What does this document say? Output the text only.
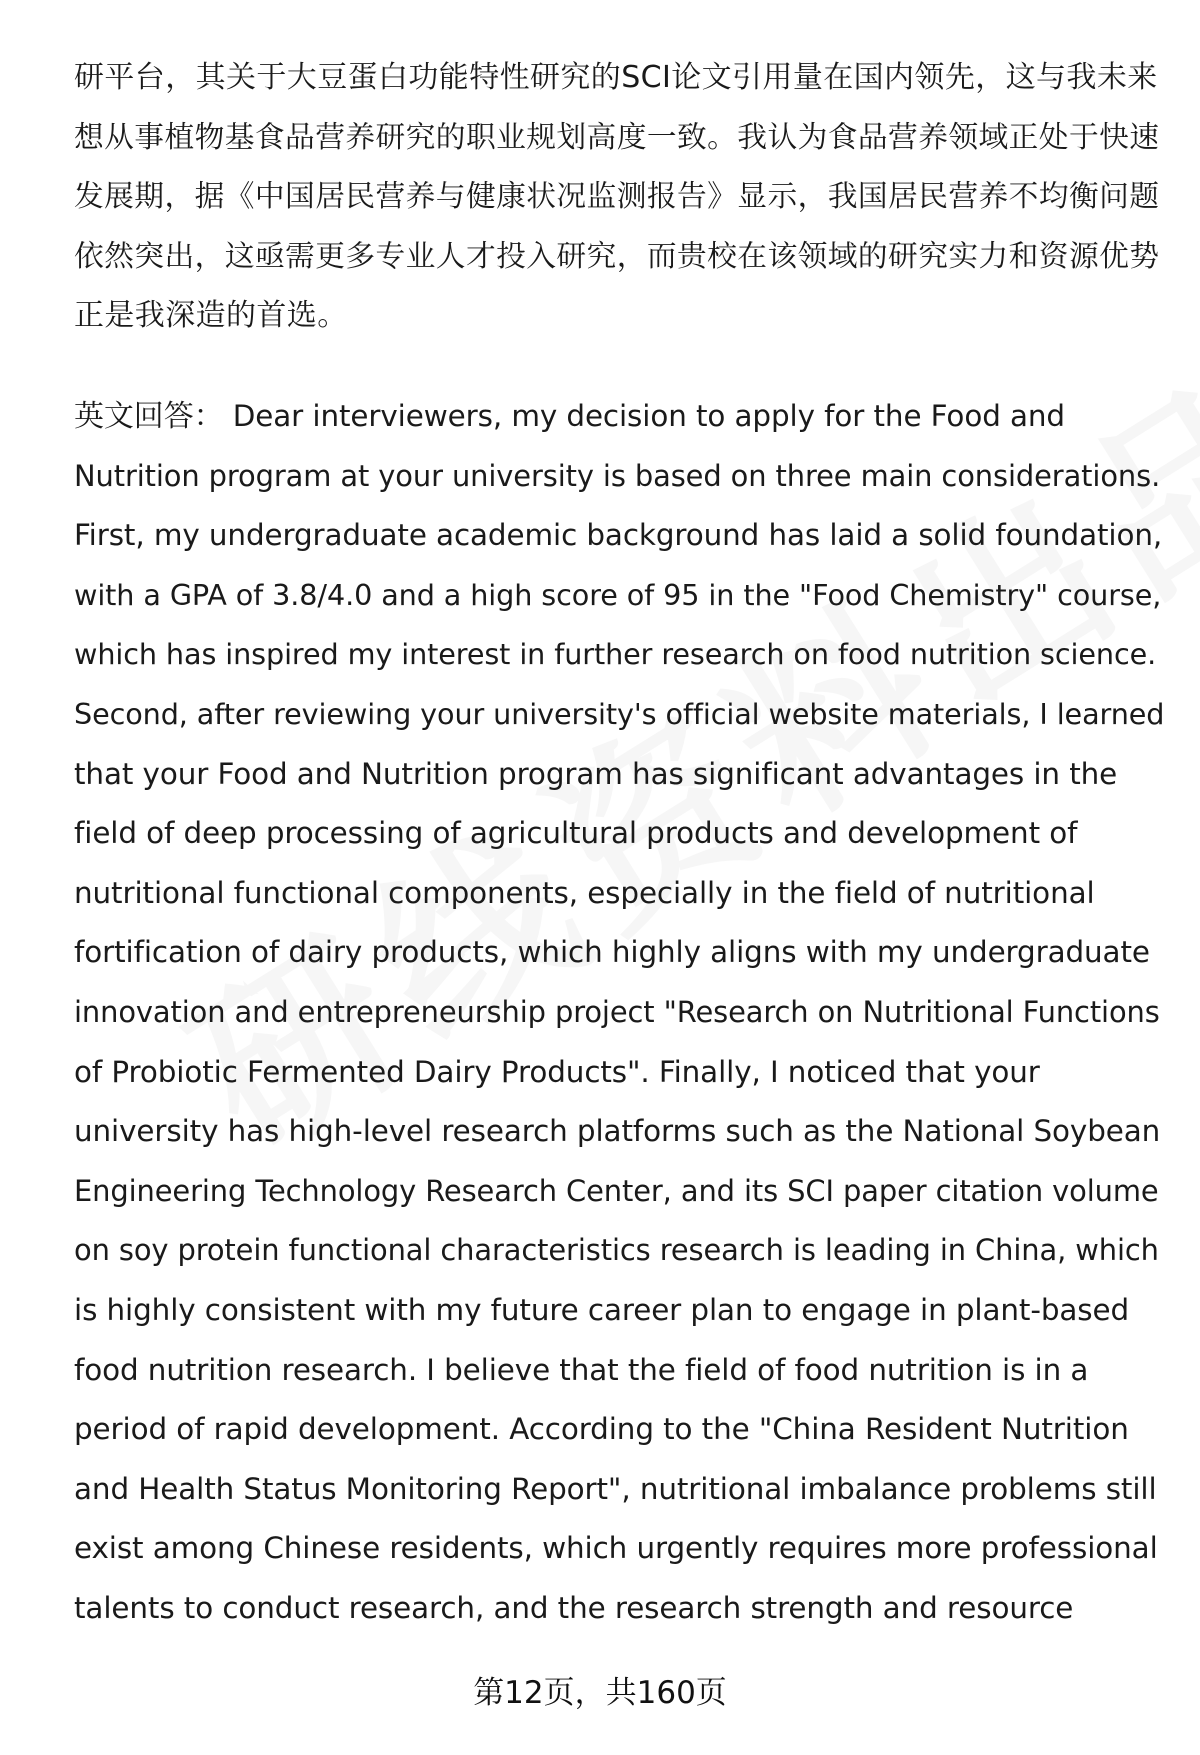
研平台，其关于大豆蛋白功能特性研究的SCI论文引用量在国内领先，这与我未来
想从事植物基食品营养研究的职业规划高度一致。我认为食品营养领域正处于快速
发展期，据《中国居民营养与健康状况监测报告》显示，我国居民营养不均衡问题
依然突出，这亟需更多专业人才投入研究，而贵校在该领域的研究实力和资源优势
正是我深造的首选。
英文回答： Dear interviewers, my decision to apply for the Food and
Nutrition program at your university is based on three main considerations.
First, my undergraduate academic background has laid a solid foundation,
with a GPA of 3.8/4.0 and a high score of 95 in the "Food Chemistry" course,
which has inspired my interest in further research on food nutrition science.
Second, after reviewing your university's official website materials, I learned
that your Food and Nutrition program has significant advantages in the
field of deep processing of agricultural products and development of
nutritional functional components, especially in the field of nutritional
fortification of dairy products, which highly aligns with my undergraduate
innovation and entrepreneurship project "Research on Nutritional Functions
of Probiotic Fermented Dairy Products". Finally, I noticed that your
university has high-level research platforms such as the National Soybean
Engineering Technology Research Center, and its SCI paper citation volume
on soy protein functional characteristics research is leading in China, which
is highly consistent with my future career plan to engage in plant-based
food nutrition research. I believe that the field of food nutrition is in a
period of rapid development. According to the "China Resident Nutrition
and Health Status Monitoring Report", nutritional imbalance problems still
exist among Chinese residents, which urgently requires more professional
talents to conduct research, and the research strength and resource
第12页，共160页
